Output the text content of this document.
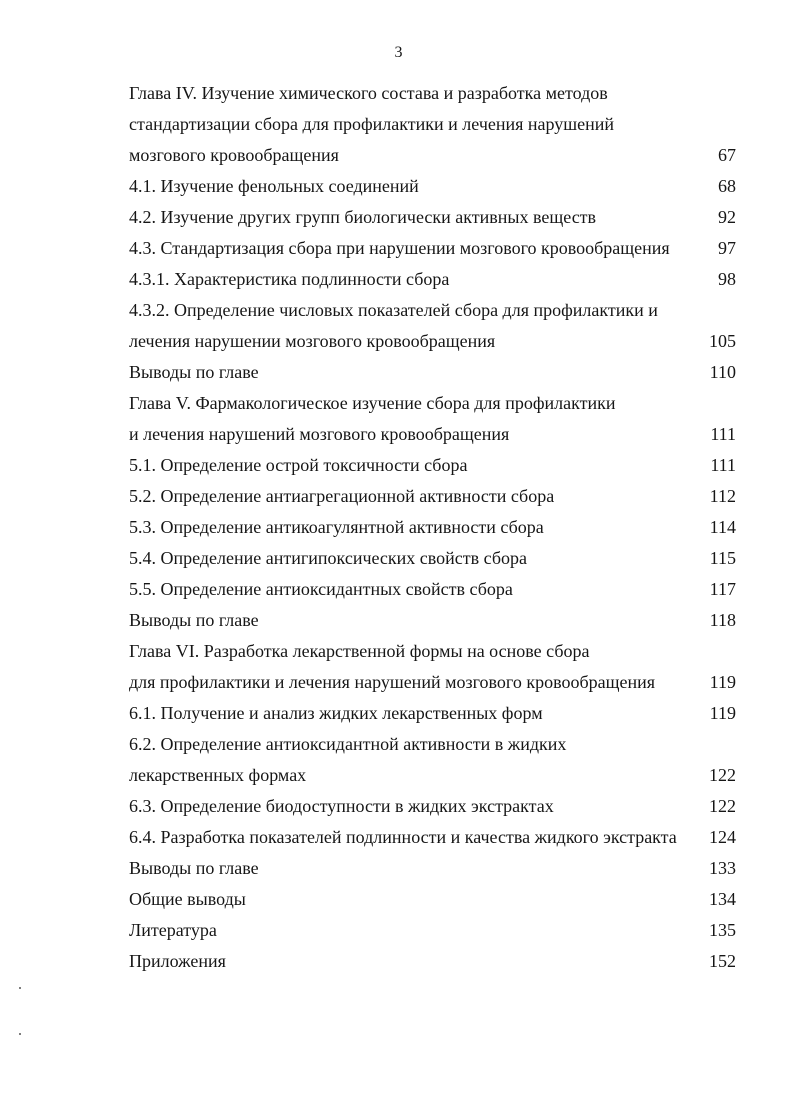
3
Глава IV. Изучение химического состава и разработка методов
стандартизации сбора для профилактики и лечения нарушений
мозгового кровообращения	67
4.1. Изучение фенольных соединений	68
4.2. Изучение других групп биологически активных веществ	92
4.3. Стандартизация сбора при нарушении мозгового кровообращения	97
4.3.1. Характеристика подлинности сбора	98
4.3.2. Определение числовых показателей сбора для профилактики и
лечения нарушении мозгового кровообращения	105
Выводы по главе	110
Глава V. Фармакологическое изучение сбора для профилактики
и лечения нарушений мозгового кровообращения	111
5.1. Определение острой токсичности сбора	111
5.2. Определение антиагрегационной активности сбора	112
5.3. Определение антикоагулянтной активности сбора	114
5.4. Определение антигипоксических свойств сбора	115
5.5. Определение антиоксидантных свойств сбора	117
Выводы по главе	118
Глава VI. Разработка лекарственной формы на основе сбора
для профилактики и лечения нарушений мозгового кровообращения	119
6.1. Получение и анализ жидких лекарственных форм	119
6.2. Определение антиоксидантной активности в жидких
лекарственных формах	122
6.3. Определение биодоступности в жидких экстрактах	122
6.4. Разработка показателей подлинности и качества жидкого экстракта	124
Выводы по главе	133
Общие выводы	134
Литература	135
Приложения	152
